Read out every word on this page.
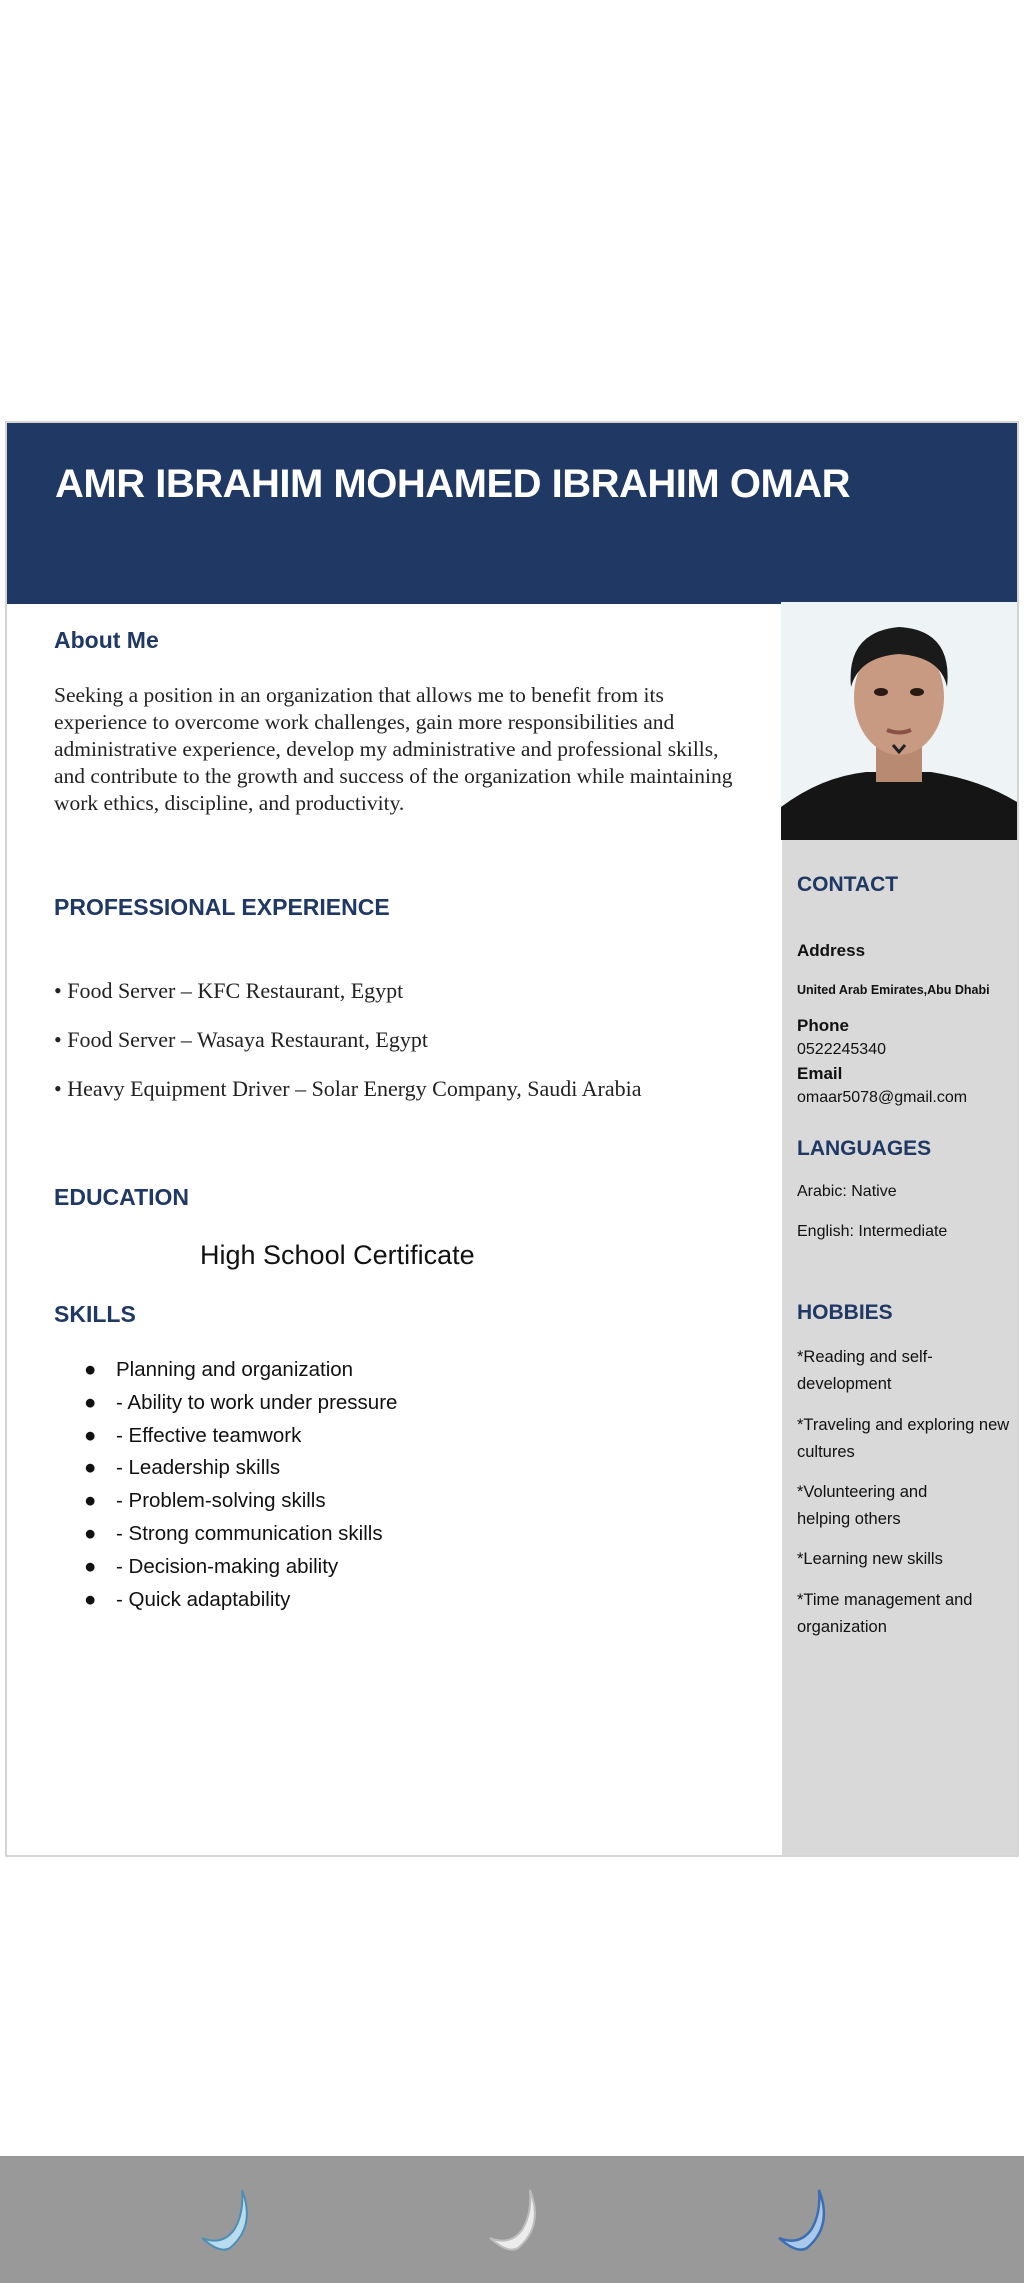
AMR IBRAHIM MOHAMED IBRAHIM OMAR
About Me
Seeking a position in an organization that allows me to benefit from its experience to overcome work challenges, gain more responsibilities and administrative experience, develop my administrative and professional skills, and contribute to the growth and success of the organization while maintaining work ethics, discipline, and productivity.
PROFESSIONAL EXPERIENCE
• Food Server – KFC Restaurant, Egypt
• Food Server – Wasaya Restaurant, Egypt
• Heavy Equipment Driver – Solar Energy Company, Saudi Arabia
EDUCATION
High School Certificate
SKILLS
● Planning and organization
● - Ability to work under pressure
● - Effective teamwork
● - Leadership skills
● - Problem-solving skills
● - Strong communication skills
● - Decision-making ability
● - Quick adaptability
CONTACT
Address
United Arab Emirates,Abu Dhabi
Phone
0522245340
Email
omaar5078@gmail.com
LANGUAGES
Arabic: Native
English: Intermediate
HOBBIES
*Reading and self-development
*Traveling and exploring new cultures
*Volunteering and helping others
*Learning new skills
*Time management and organization
